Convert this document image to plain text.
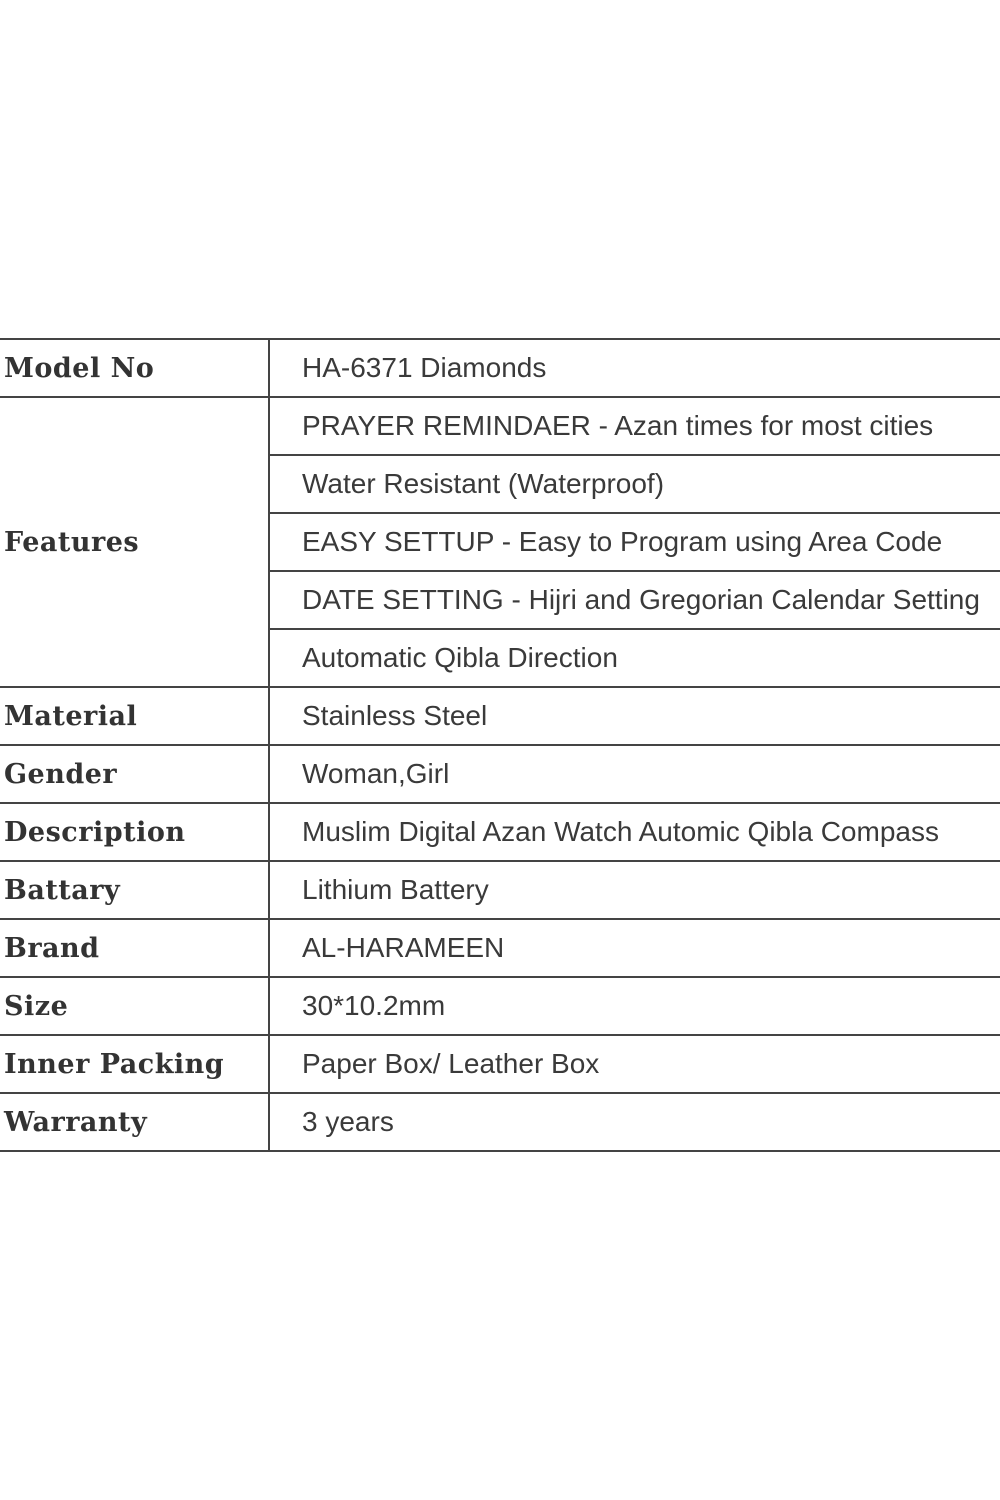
Model No	HA-6371 Diamonds
Features	PRAYER REMINDAER - Azan times for most cities
	Water Resistant (Waterproof)
	EASY SETTUP - Easy to Program using Area Code
	DATE SETTING - Hijri and Gregorian Calendar Setting
	Automatic Qibla Direction
Material	Stainless Steel
Gender	Woman,Girl
Description	Muslim Digital Azan Watch Automic Qibla Compass
Battary	Lithium Battery
Brand	AL-HARAMEEN
Size	30*10.2mm
Inner Packing	Paper Box/ Leather Box
Warranty	3 years
